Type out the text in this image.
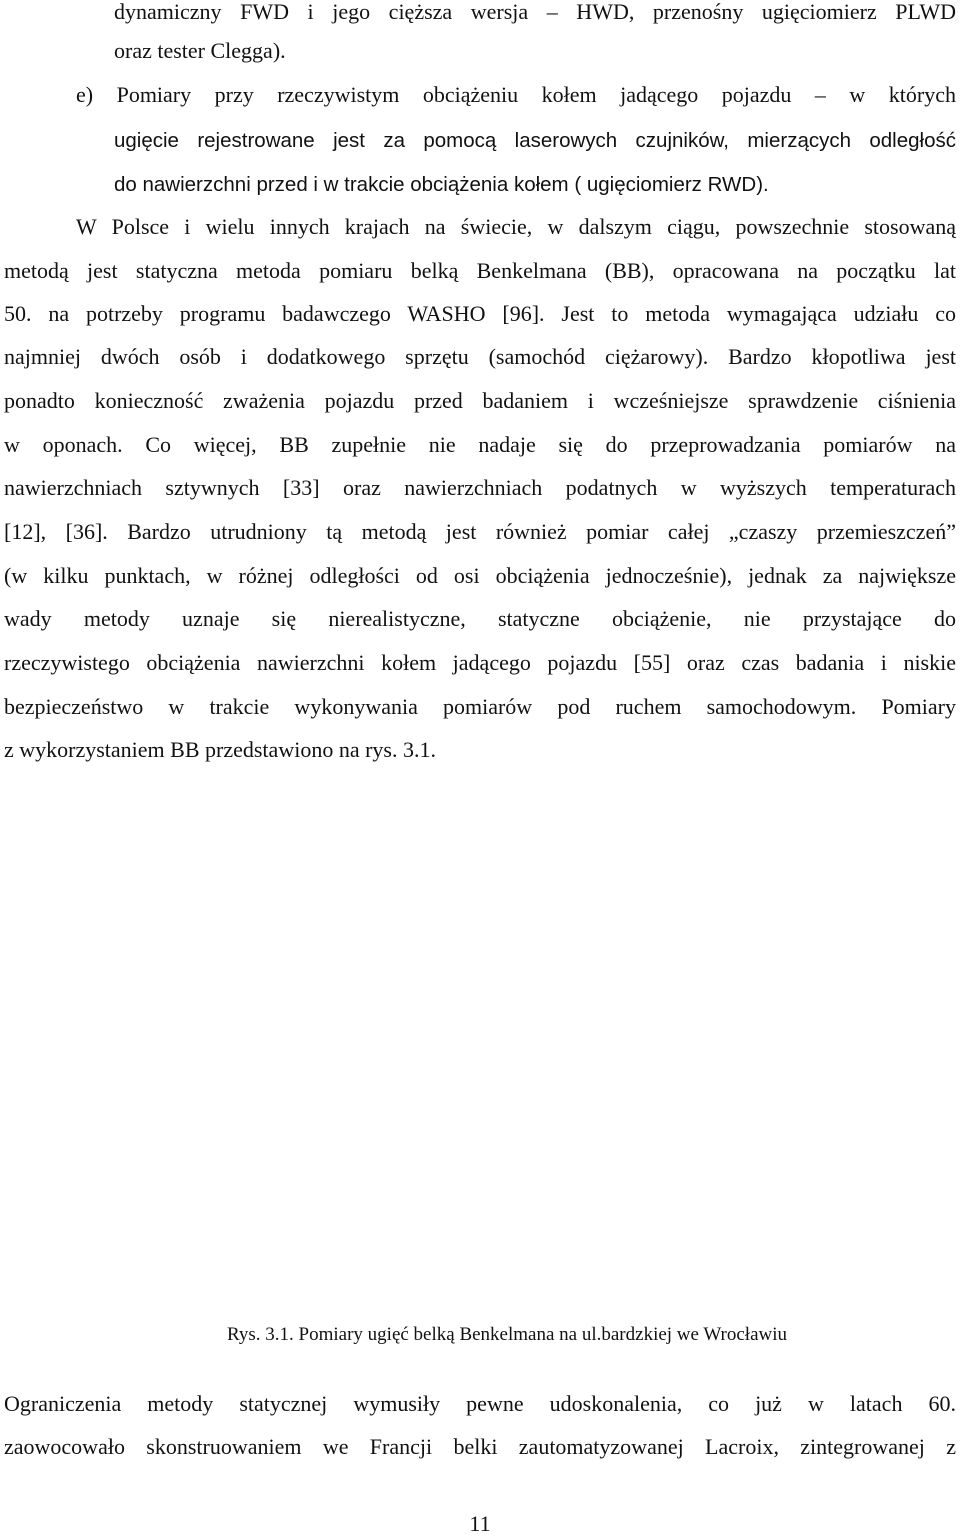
dynamiczny FWD i jego cięższa wersja – HWD, przenośny ugięciomierz PLWD
oraz tester Clegga).
e) Pomiary przy rzeczywistym obciążeniu kołem jadącego pojazdu – w których
ugięcie rejestrowane jest za pomocą laserowych czujników, mierzących odległość
do nawierzchni przed i w trakcie obciążenia kołem ( ugięciomierz RWD).
W Polsce i wielu innych krajach na świecie, w dalszym ciągu, powszechnie stosowaną
metodą jest statyczna metoda pomiaru belką Benkelmana (BB), opracowana na początku lat
50. na potrzeby programu badawczego WASHO [96]. Jest to metoda wymagająca udziału co
najmniej dwóch osób i dodatkowego sprzętu (samochód ciężarowy). Bardzo kłopotliwa jest
ponadto konieczność zważenia pojazdu przed badaniem i wcześniejsze sprawdzenie ciśnienia
w oponach. Co więcej, BB zupełnie nie nadaje się do przeprowadzania pomiarów na
nawierzchniach sztywnych [33] oraz nawierzchniach podatnych w wyższych temperaturach
[12], [36]. Bardzo utrudniony tą metodą jest również pomiar całej „czaszy przemieszczeń”
(w kilku punktach, w różnej odległości od osi obciążenia jednocześnie), jednak za największe
wady metody uznaje się nierealistyczne, statyczne obciążenie, nie przystające do
rzeczywistego obciążenia nawierzchni kołem jadącego pojazdu [55] oraz czas badania i niskie
bezpieczeństwo w trakcie wykonywania pomiarów pod ruchem samochodowym. Pomiary
z wykorzystaniem BB przedstawiono na rys. 3.1.
Rys. 3.1. Pomiary ugięć belką Benkelmana na ul.bardzkiej we Wrocławiu
Ograniczenia metody statycznej wymusiły pewne udoskonalenia, co już w latach 60.
zaowocowało skonstruowaniem we Francji belki zautomatyzowanej Lacroix, zintegrowanej z
11
